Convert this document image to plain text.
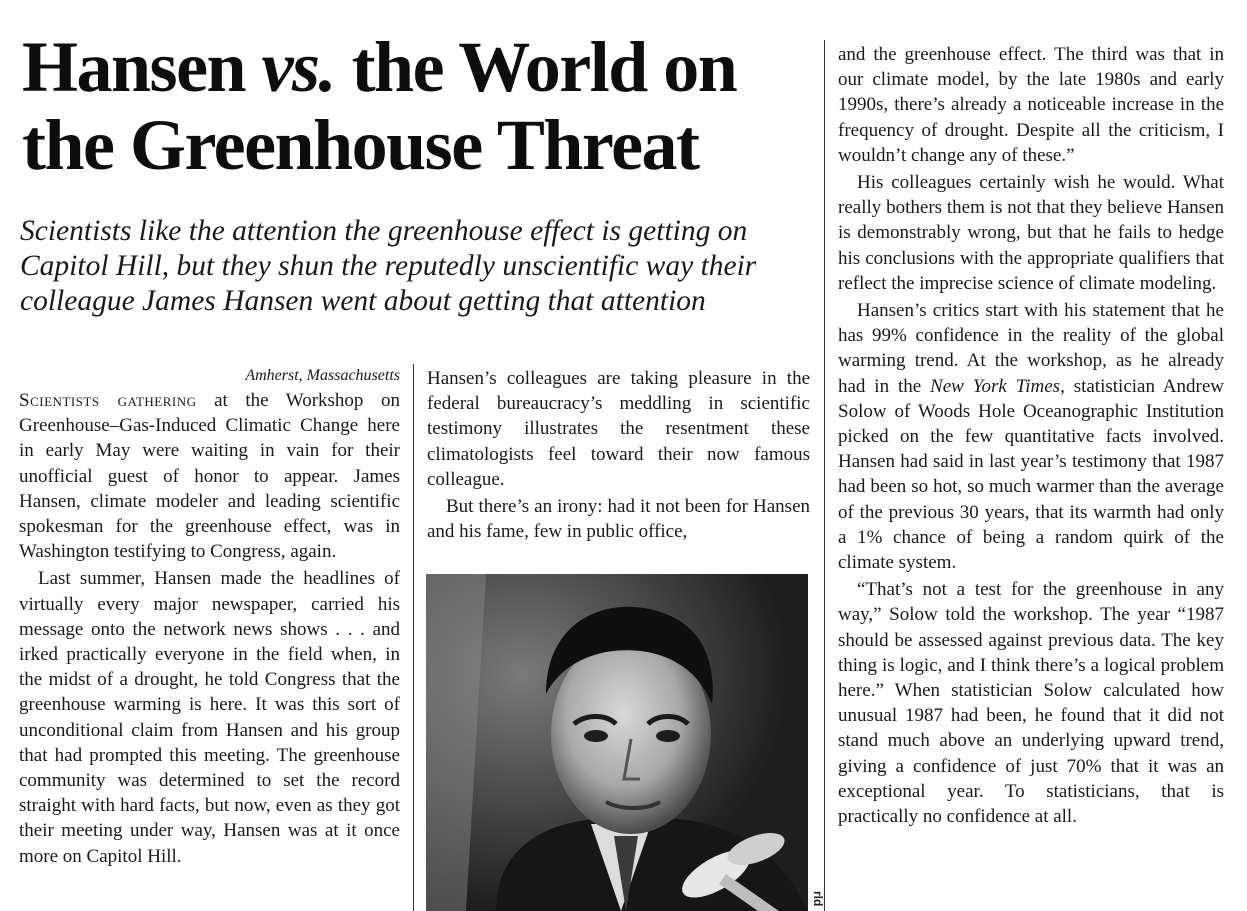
Hansen vs. the World on the Greenhouse Threat

Scientists like the attention the greenhouse effect is getting on Capitol Hill, but they shun the reputedly unscientific way their colleague James Hansen went about getting that attention

Amherst, Massachusetts

Scientists gathering at the Workshop on Greenhouse–Gas-Induced Climatic Change here in early May were waiting in vain for their unofficial guest of honor to appear. James Hansen, climate modeler and leading scientific spokesman for the greenhouse effect, was in Washington testifying to Congress, again.

Last summer, Hansen made the headlines of virtually every major newspaper, carried his message onto the network news shows . . . and irked practically everyone in the field when, in the midst of a drought, he told Congress that the greenhouse warming is here. It was this sort of unconditional claim from Hansen and his group that had prompted this meeting. The greenhouse community was determined to set the record straight with hard facts, but now, even as they got their meeting under way, Hansen was at it once more on Capitol Hill.

Hansen’s colleagues are taking pleasure in the federal bureaucracy’s meddling in scientific testimony illustrates the resentment these climatologists feel toward their now famous colleague.

But there’s an irony: had it not been for Hansen and his fame, few in public office,

rld

and the greenhouse effect. The third was that in our climate model, by the late 1980s and early 1990s, there’s already a noticeable increase in the frequency of drought. Despite all the criticism, I wouldn’t change any of these.”

His colleagues certainly wish he would. What really bothers them is not that they believe Hansen is demonstrably wrong, but that he fails to hedge his conclusions with the appropriate qualifiers that reflect the imprecise science of climate modeling.

Hansen’s critics start with his statement that he has 99% confidence in the reality of the global warming trend. At the workshop, as he already had in the New York Times, statistician Andrew Solow of Woods Hole Oceanographic Institution picked on the few quantitative facts involved. Hansen had said in last year’s testimony that 1987 had been so hot, so much warmer than the average of the previous 30 years, that its warmth had only a 1% chance of being a random quirk of the climate system.

“That’s not a test for the greenhouse in any way,” Solow told the workshop. The year “1987 should be assessed against previous data. The key thing is logic, and I think there’s a logical problem here.” When statistician Solow calculated how unusual 1987 had been, he found that it did not stand much above an underlying upward trend, giving a confidence of just 70% that it was an exceptional year. To statisticians, that is practically no confidence at all.
